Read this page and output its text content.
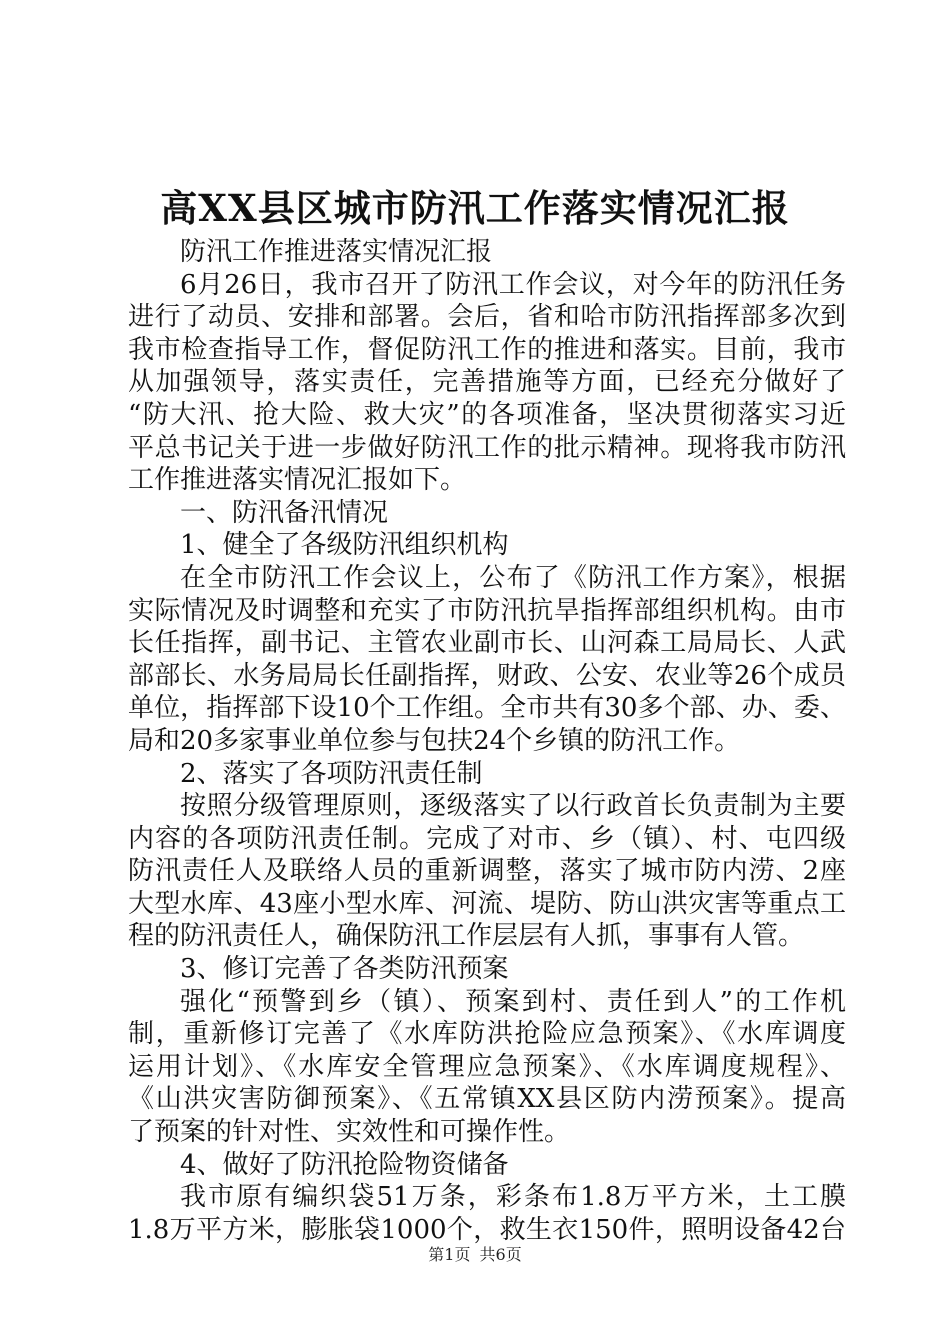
高XX县区城市防汛工作落实情况汇报
防汛工作推进落实情况汇报
6月26日，我市召开了防汛工作会议，对今年的防汛任务
进行了动员、安排和部署。会后，省和哈市防汛指挥部多次到
我市检查指导工作，督促防汛工作的推进和落实。目前，我市
从加强领导，落实责任，完善措施等方面，已经充分做好了
“防大汛、抢大险、救大灾”的各项准备，坚决贯彻落实习近
平总书记关于进一步做好防汛工作的批示精神。现将我市防汛
工作推进落实情况汇报如下。
一、防汛备汛情况
1、健全了各级防汛组织机构
在全市防汛工作会议上，公布了《防汛工作方案》，根据
实际情况及时调整和充实了市防汛抗旱指挥部组织机构。由市
长任指挥，副书记、主管农业副市长、山河森工局局长、人武
部部长、水务局局长任副指挥，财政、公安、农业等26个成员
单位，指挥部下设10个工作组。全市共有30多个部、办、委、
局和20多家事业单位参与包扶24个乡镇的防汛工作。
2、落实了各项防汛责任制
按照分级管理原则，逐级落实了以行政首长负责制为主要
内容的各项防汛责任制。完成了对市、乡（镇）、村、屯四级
防汛责任人及联络人员的重新调整，落实了城市防内涝、2座
大型水库、43座小型水库、河流、堤防、防山洪灾害等重点工
程的防汛责任人，确保防汛工作层层有人抓，事事有人管。
3、修订完善了各类防汛预案
强化“预警到乡（镇）、预案到村、责任到人”的工作机
制，重新修订完善了《水库防洪抢险应急预案》、《水库调度
运用计划》、《水库安全管理应急预案》、《水库调度规程》、
《山洪灾害防御预案》、《五常镇XX县区防内涝预案》。提高
了预案的针对性、实效性和可操作性。
4、做好了防汛抢险物资储备
我市原有编织袋51万条，彩条布1.8万平方米，土工膜
1.8万平方米，膨胀袋1000个，救生衣150件，照明设备42台
第1页 共6页
